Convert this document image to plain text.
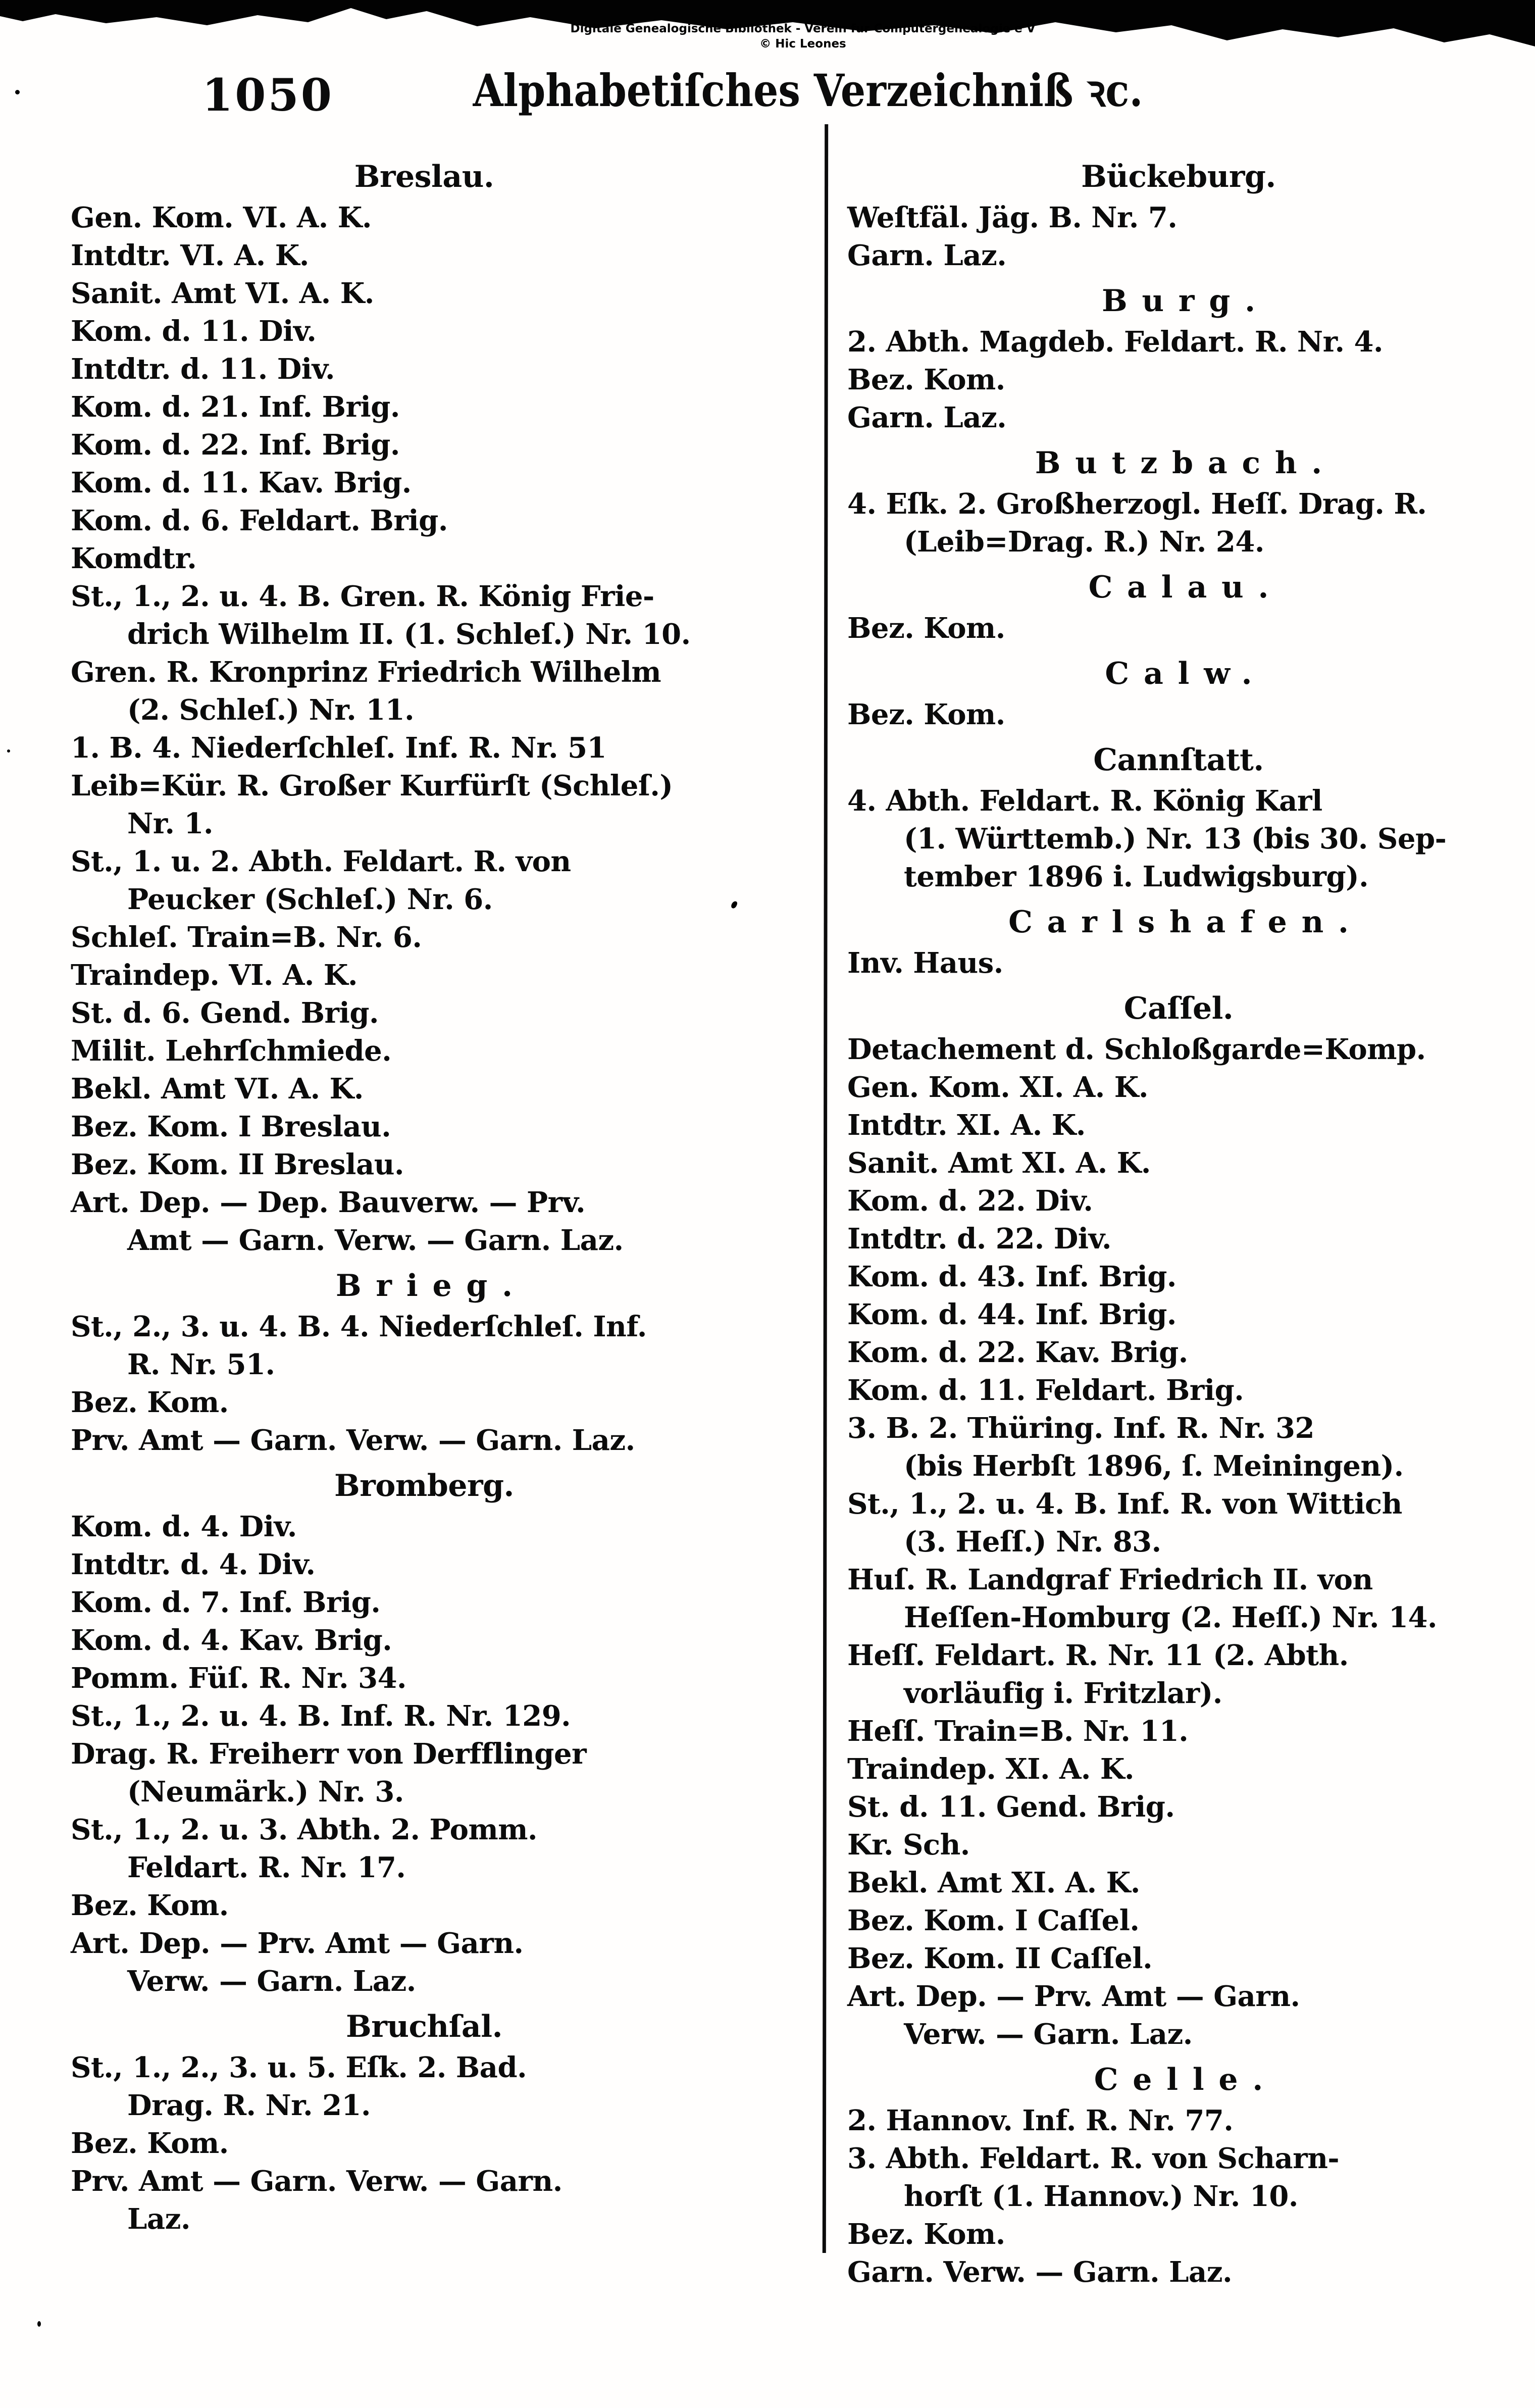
Digitale Genealogische Bibliothek - Verein fur Computergenealogie e V
© Hic Leones
1050	Alphabetiſches Verzeichniß ꝛc.
Breslau.
Gen. Kom. VI. A. K.
Intdtr. VI. A. K.
Sanit. Amt VI. A. K.
Kom. d. 11. Div.
Intdtr. d. 11. Div.
Kom. d. 21. Inf. Brig.
Kom. d. 22. Inf. Brig.
Kom. d. 11. Kav. Brig.
Kom. d. 6. Feldart. Brig.
Komdtr.
St., 1., 2. u. 4. B. Gren. R. König Frie-
drich Wilhelm II. (1. Schleſ.) Nr. 10.
Gren. R. Kronprinz Friedrich Wilhelm
(2. Schleſ.) Nr. 11.
1. B. 4. Niederſchleſ. Inf. R. Nr. 51
Leib=Kür. R. Großer Kurfürſt (Schleſ.)
Nr. 1.
St., 1. u. 2. Abth. Feldart. R. von
Peucker (Schleſ.) Nr. 6.
Schleſ. Train=B. Nr. 6.
Traindep. VI. A. K.
St. d. 6. Gend. Brig.
Milit. Lehrſchmiede.
Bekl. Amt VI. A. K.
Bez. Kom. I Breslau.
Bez. Kom. II Breslau.
Art. Dep. — Dep. Bauverw. — Prv.
Amt — Garn. Verw. — Garn. Laz.
Brieg.
St., 2., 3. u. 4. B. 4. Niederſchleſ. Inf.
R. Nr. 51.
Bez. Kom.
Prv. Amt — Garn. Verw. — Garn. Laz.
Bromberg.
Kom. d. 4. Div.
Intdtr. d. 4. Div.
Kom. d. 7. Inf. Brig.
Kom. d. 4. Kav. Brig.
Pomm. Füſ. R. Nr. 34.
St., 1., 2. u. 4. B. Inf. R. Nr. 129.
Drag. R. Freiherr von Derfflinger
(Neumärk.) Nr. 3.
St., 1., 2. u. 3. Abth. 2. Pomm.
Feldart. R. Nr. 17.
Bez. Kom.
Art. Dep. — Prv. Amt — Garn.
Verw. — Garn. Laz.
Bruchſal.
St., 1., 2., 3. u. 5. Eſk. 2. Bad.
Drag. R. Nr. 21.
Bez. Kom.
Prv. Amt — Garn. Verw. — Garn.
Laz.
Bückeburg.
Weſtfäl. Jäg. B. Nr. 7.
Garn. Laz.
Burg.
2. Abth. Magdeb. Feldart. R. Nr. 4.
Bez. Kom.
Garn. Laz.
Butzbach.
4. Eſk. 2. Großherzogl. Heſſ. Drag. R.
(Leib=Drag. R.) Nr. 24.
Calau.
Bez. Kom.
Calw.
Bez. Kom.
Cannſtatt.
4. Abth. Feldart. R. König Karl
(1. Württemb.) Nr. 13 (bis 30. Sep-
tember 1896 i. Ludwigsburg).
Carlshafen.
Inv. Haus.
Caſſel.
Detachement d. Schloßgarde=Komp.
Gen. Kom. XI. A. K.
Intdtr. XI. A. K.
Sanit. Amt XI. A. K.
Kom. d. 22. Div.
Intdtr. d. 22. Div.
Kom. d. 43. Inf. Brig.
Kom. d. 44. Inf. Brig.
Kom. d. 22. Kav. Brig.
Kom. d. 11. Feldart. Brig.
3. B. 2. Thüring. Inf. R. Nr. 32
(bis Herbſt 1896, ſ. Meiningen).
St., 1., 2. u. 4. B. Inf. R. von Wittich
(3. Heſſ.) Nr. 83.
Huſ. R. Landgraf Friedrich II. von
Heſſen-Homburg (2. Heſſ.) Nr. 14.
Heſſ. Feldart. R. Nr. 11 (2. Abth.
vorläufig i. Fritzlar).
Heſſ. Train=B. Nr. 11.
Traindep. XI. A. K.
St. d. 11. Gend. Brig.
Kr. Sch.
Bekl. Amt XI. A. K.
Bez. Kom. I Caſſel.
Bez. Kom. II Caſſel.
Art. Dep. — Prv. Amt — Garn.
Verw. — Garn. Laz.
Celle.
2. Hannov. Inf. R. Nr. 77.
3. Abth. Feldart. R. von Scharn-
horſt (1. Hannov.) Nr. 10.
Bez. Kom.
Garn. Verw. — Garn. Laz.
